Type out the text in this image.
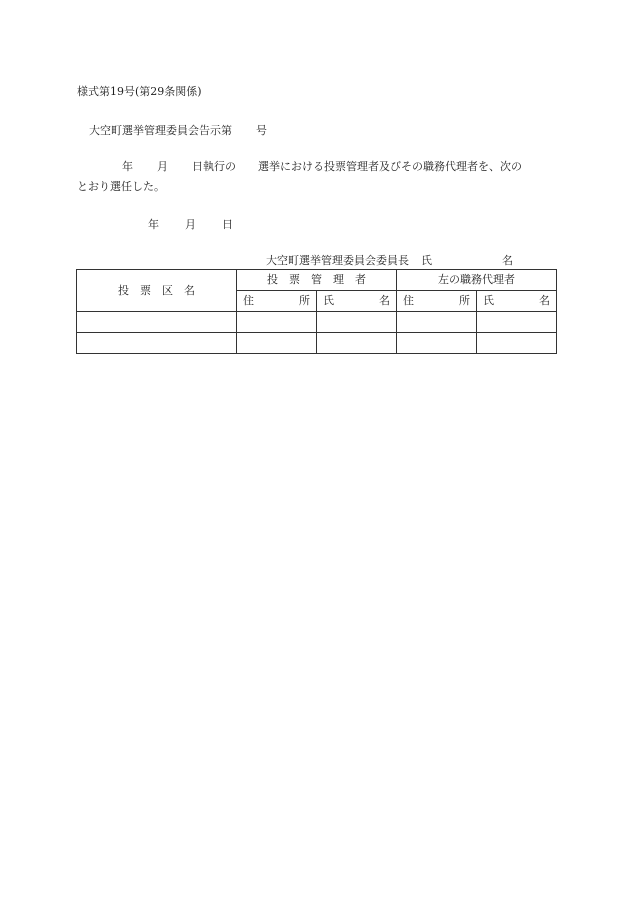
様式第19号(第29条関係)
大空町選挙管理委員会告示第 号
年 月 日執行の 選挙における投票管理者及びその職務代理者を、次の
とおり選任した。
年 月 日
大空町選挙管理委員会委員長 氏	名
投　票　区　名	投　票　管　理　者		左の職務代理者	

	住 所	氏 名	住 所	氏 名
